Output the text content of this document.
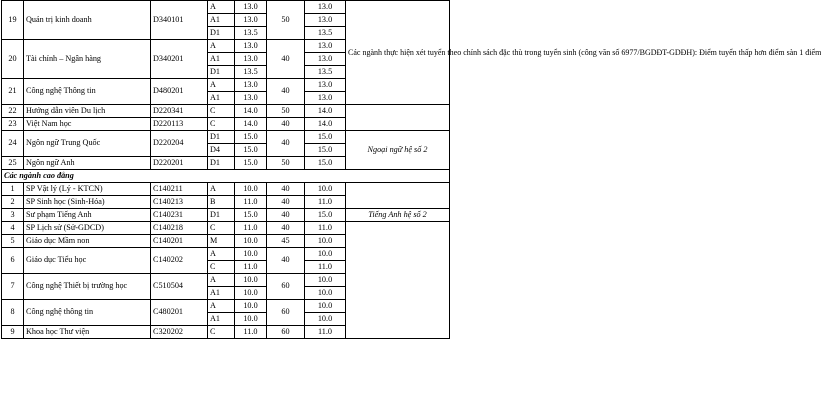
19	Quản trị kinh doanh	D340101	A	13.0	50	13.0	Các ngành thực hiện xét tuyển theo chính sách đặc thù trong tuyển sinh (công văn số 6977/BGDĐT-GDĐH): Điểm tuyển thấp hơn điểm sàn 1 điểm
			A1	13.0		13.0	
			D1	13.5		13.5	
20	Tài chính – Ngân hàng	D340201	A	13.0	40	13.0	
			A1	13.0		13.0	
			D1	13.5		13.5	
21	Công nghệ Thông tin	D480201	A	13.0	40	13.0	
			A1	13.0		13.0	
22	Hướng dẫn viên Du lịch	D220341	C	14.0	50	14.0	
23	Việt Nam học	D220113	C	14.0	40	14.0	
24	Ngôn ngữ Trung Quốc	D220204	D1	15.0	40	15.0	Ngoại ngữ hệ số 2
			D4	15.0		15.0	
25	Ngôn ngữ Anh	D220201	D1	15.0	50	15.0	
Các ngành cao đẳng							
1	SP Vật lý (Lý - KTCN)	C140211	A	10.0	40	10.0	
2	SP Sinh học (Sinh-Hóa)	C140213	B	11.0	40	11.0	
3	Sư phạm Tiếng Anh	C140231	D1	15.0	40	15.0	Tiếng Anh hệ số 2
4	SP Lịch sử (Sử-GDCD)	C140218	C	11.0	40	11.0	
5	Giáo dục Mầm non	C140201	M	10.0	45	10.0	
6	Giáo dục Tiểu học	C140202	A	10.0	40	10.0	
			C	11.0		11.0	
7	Công nghệ Thiết bị trường học	C510504	A	10.0	60	10.0	
			A1	10.0		10.0	
8	Công nghệ thông tin	C480201	A	10.0	60	10.0	
			A1	10.0		10.0	
9	Khoa học Thư viện	C320202	C	11.0	60	11.0	
